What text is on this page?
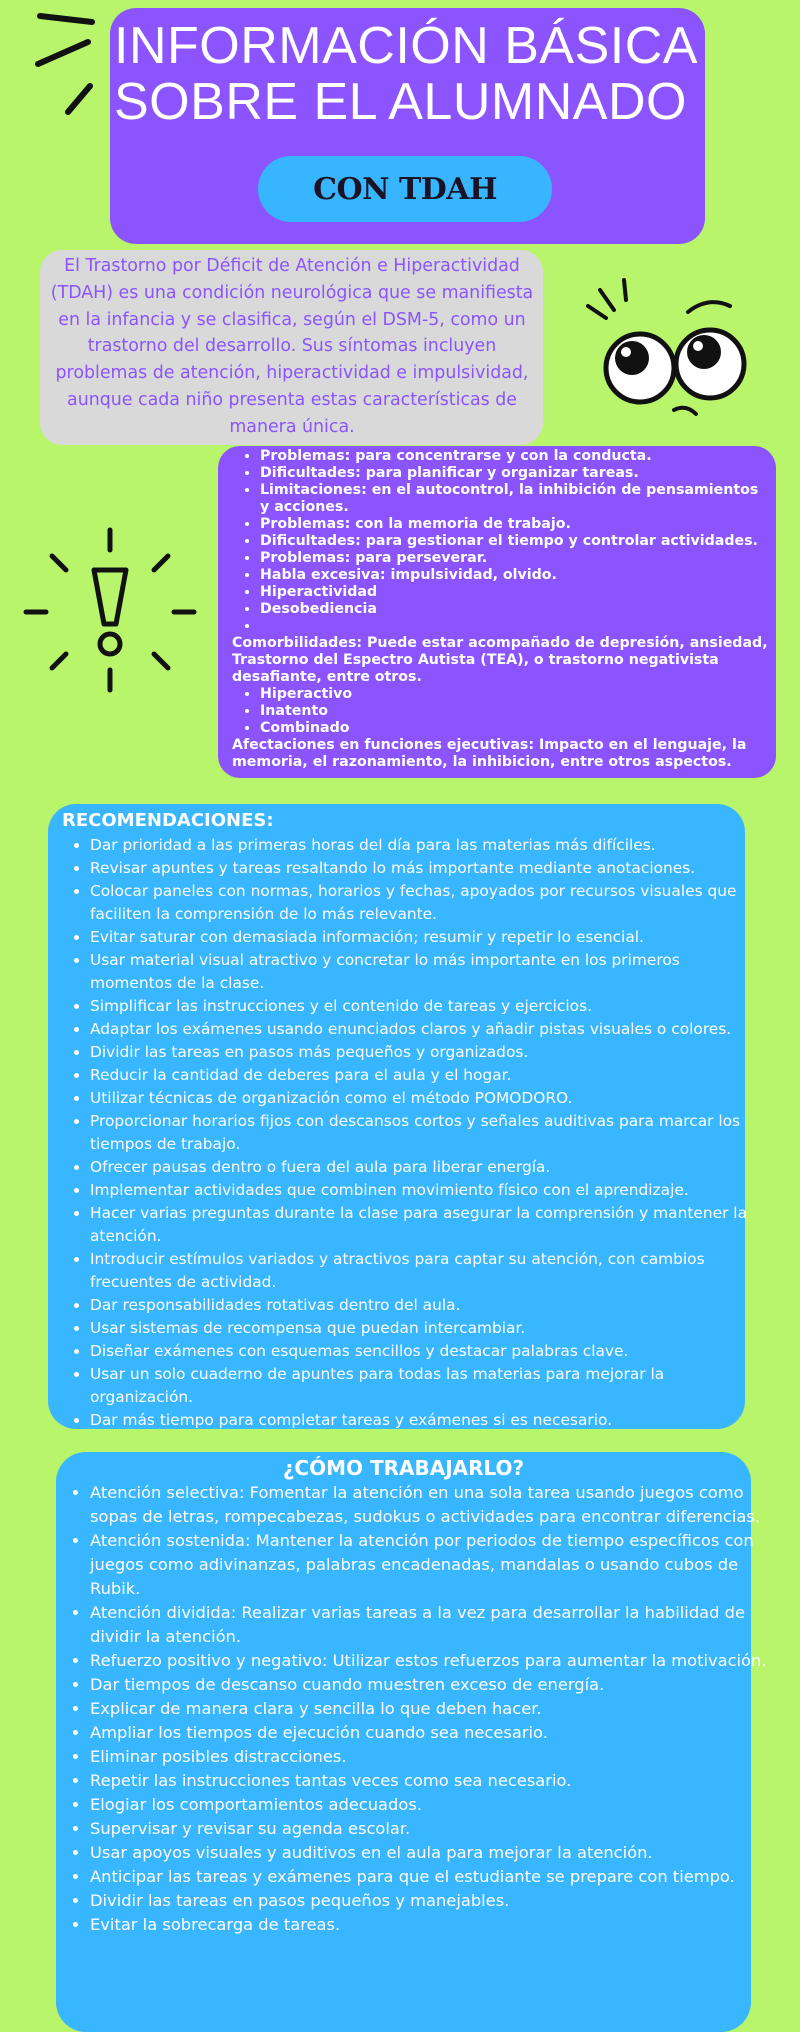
INFORMACIÓN BÁSICA
SOBRE EL ALUMNADO
CON TDAH
El Trastorno por Déficit de Atención e Hiperactividad (TDAH) es una condición neurológica que se manifiesta en la infancia y se clasifica, según el DSM-5, como un trastorno del desarrollo. Sus síntomas incluyen problemas de atención, hiperactividad e impulsividad, aunque cada niño presenta estas características de manera única.
• Problemas: para concentrarse y con la conducta.
• Dificultades: para planificar y organizar tareas.
• Limitaciones: en el autocontrol, la inhibición de pensamientos y acciones.
• Problemas: con la memoria de trabajo.
• Dificultades: para gestionar el tiempo y controlar actividades.
• Problemas: para perseverar.
• Habla excesiva: impulsividad, olvido.
• Hiperactividad
• Desobediencia
•

Comorbilidades: Puede estar acompañado de depresión, ansiedad, Trastorno del Espectro Autista (TEA), o trastorno negativista desafiante, entre otros.

• Hiperactivo
• Inatento
• Combinado

Afectaciones en funciones ejecutivas: Impacto en el lenguaje, la memoria, el razonamiento, la inhibicion, entre otros aspectos.

RECOMENDACIONES:
• Dar prioridad a las primeras horas del día para las materias más difíciles.
• Revisar apuntes y tareas resaltando lo más importante mediante anotaciones.
• Colocar paneles con normas, horarios y fechas, apoyados por recursos visuales que faciliten la comprensión de lo más relevante.
• Evitar saturar con demasiada información; resumir y repetir lo esencial.
• Usar material visual atractivo y concretar lo más importante en los primeros momentos de la clase.
• Simplificar las instrucciones y el contenido de tareas y ejercicios.
• Adaptar los exámenes usando enunciados claros y añadir pistas visuales o colores.
• Dividir las tareas en pasos más pequeños y organizados.
• Reducir la cantidad de deberes para el aula y el hogar.
• Utilizar técnicas de organización como el método POMODORO.
• Proporcionar horarios fijos con descansos cortos y señales auditivas para marcar los tiempos de trabajo.
• Ofrecer pausas dentro o fuera del aula para liberar energía.
• Implementar actividades que combinen movimiento físico con el aprendizaje.
• Hacer varias preguntas durante la clase para asegurar la comprensión y mantener la atención.
• Introducir estímulos variados y atractivos para captar su atención, con cambios frecuentes de actividad.
• Dar responsabilidades rotativas dentro del aula.
• Usar sistemas de recompensa que puedan intercambiar.
• Diseñar exámenes con esquemas sencillos y destacar palabras clave.
• Usar un solo cuaderno de apuntes para todas las materias para mejorar la organización.
• Dar más tiempo para completar tareas y exámenes si es necesario.
¿CÓMO TRABAJARLO?
• Atención selectiva: Fomentar la atención en una sola tarea usando juegos como sopas de letras, rompecabezas, sudokus o actividades para encontrar diferencias.
• Atención sostenida: Mantener la atención por periodos de tiempo específicos con juegos como adivinanzas, palabras encadenadas, mandalas o usando cubos de Rubik.
• Atención dividida: Realizar varias tareas a la vez para desarrollar la habilidad de dividir la atención.
• Refuerzo positivo y negativo: Utilizar estos refuerzos para aumentar la motivación.
• Dar tiempos de descanso cuando muestren exceso de energía.
• Explicar de manera clara y sencilla lo que deben hacer.
• Ampliar los tiempos de ejecución cuando sea necesario.
• Eliminar posibles distracciones.
• Repetir las instrucciones tantas veces como sea necesario.
• Elogiar los comportamientos adecuados.
• Supervisar y revisar su agenda escolar.
• Usar apoyos visuales y auditivos en el aula para mejorar la atención.
• Anticipar las tareas y exámenes para que el estudiante se prepare con tiempo.
• Dividir las tareas en pasos pequeños y manejables.
• Evitar la sobrecarga de tareas.
